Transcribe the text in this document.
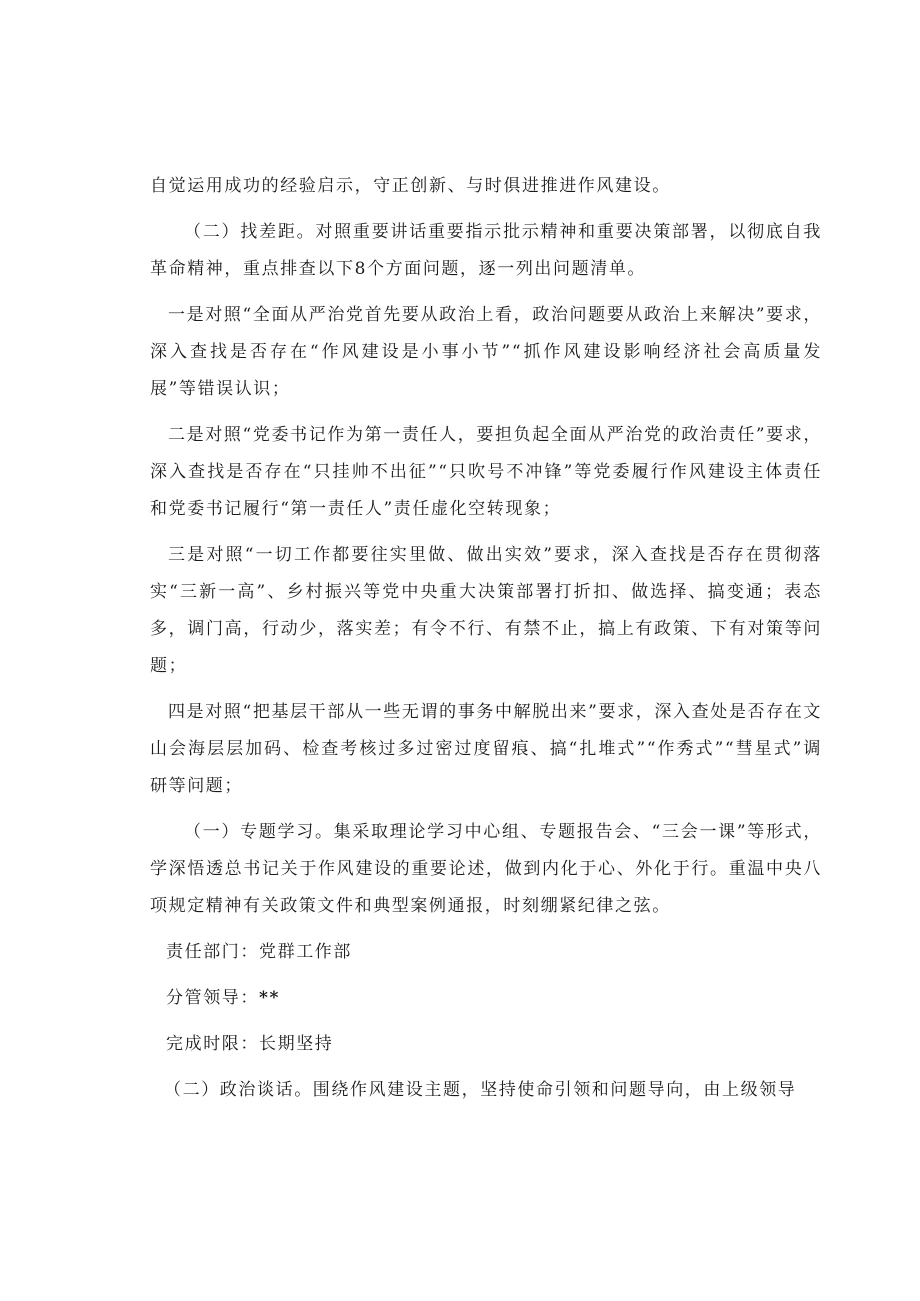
自觉运用成功的经验启示，守正创新、与时俱进推进作风建设。

（二）找差距。对照重要讲话重要指示批示精神和重要决策部署，以彻底自我革命精神，重点排查以下8个方面问题，逐一列出问题清单。

一是对照“全面从严治党首先要从政治上看，政治问题要从政治上来解决”要求，深入查找是否存在“作风建设是小事小节”“抓作风建设影响经济社会高质量发展”等错误认识；

二是对照“党委书记作为第一责任人，要担负起全面从严治党的政治责任”要求，深入查找是否存在“只挂帅不出征”“只吹号不冲锋”等党委履行作风建设主体责任和党委书记履行“第一责任人”责任虚化空转现象；

三是对照“一切工作都要往实里做、做出实效”要求，深入查找是否存在贯彻落实“三新一高”、乡村振兴等党中央重大决策部署打折扣、做选择、搞变通；表态多，调门高，行动少，落实差；有令不行、有禁不止，搞上有政策、下有对策等问题；

四是对照“把基层干部从一些无谓的事务中解脱出来”要求，深入查处是否存在文山会海层层加码、检查考核过多过密过度留痕、搞“扎堆式”“作秀式”“彗星式”调研等问题；

（一）专题学习。集采取理论学习中心组、专题报告会、“三会一课”等形式，学深悟透总书记关于作风建设的重要论述，做到内化于心、外化于行。重温中央八项规定精神有关政策文件和典型案例通报，时刻绷紧纪律之弦。

责任部门：党群工作部
分管领导：**
完成时限：长期坚持

（二）政治谈话。围绕作风建设主题，坚持使命引领和问题导向，由上级领导
